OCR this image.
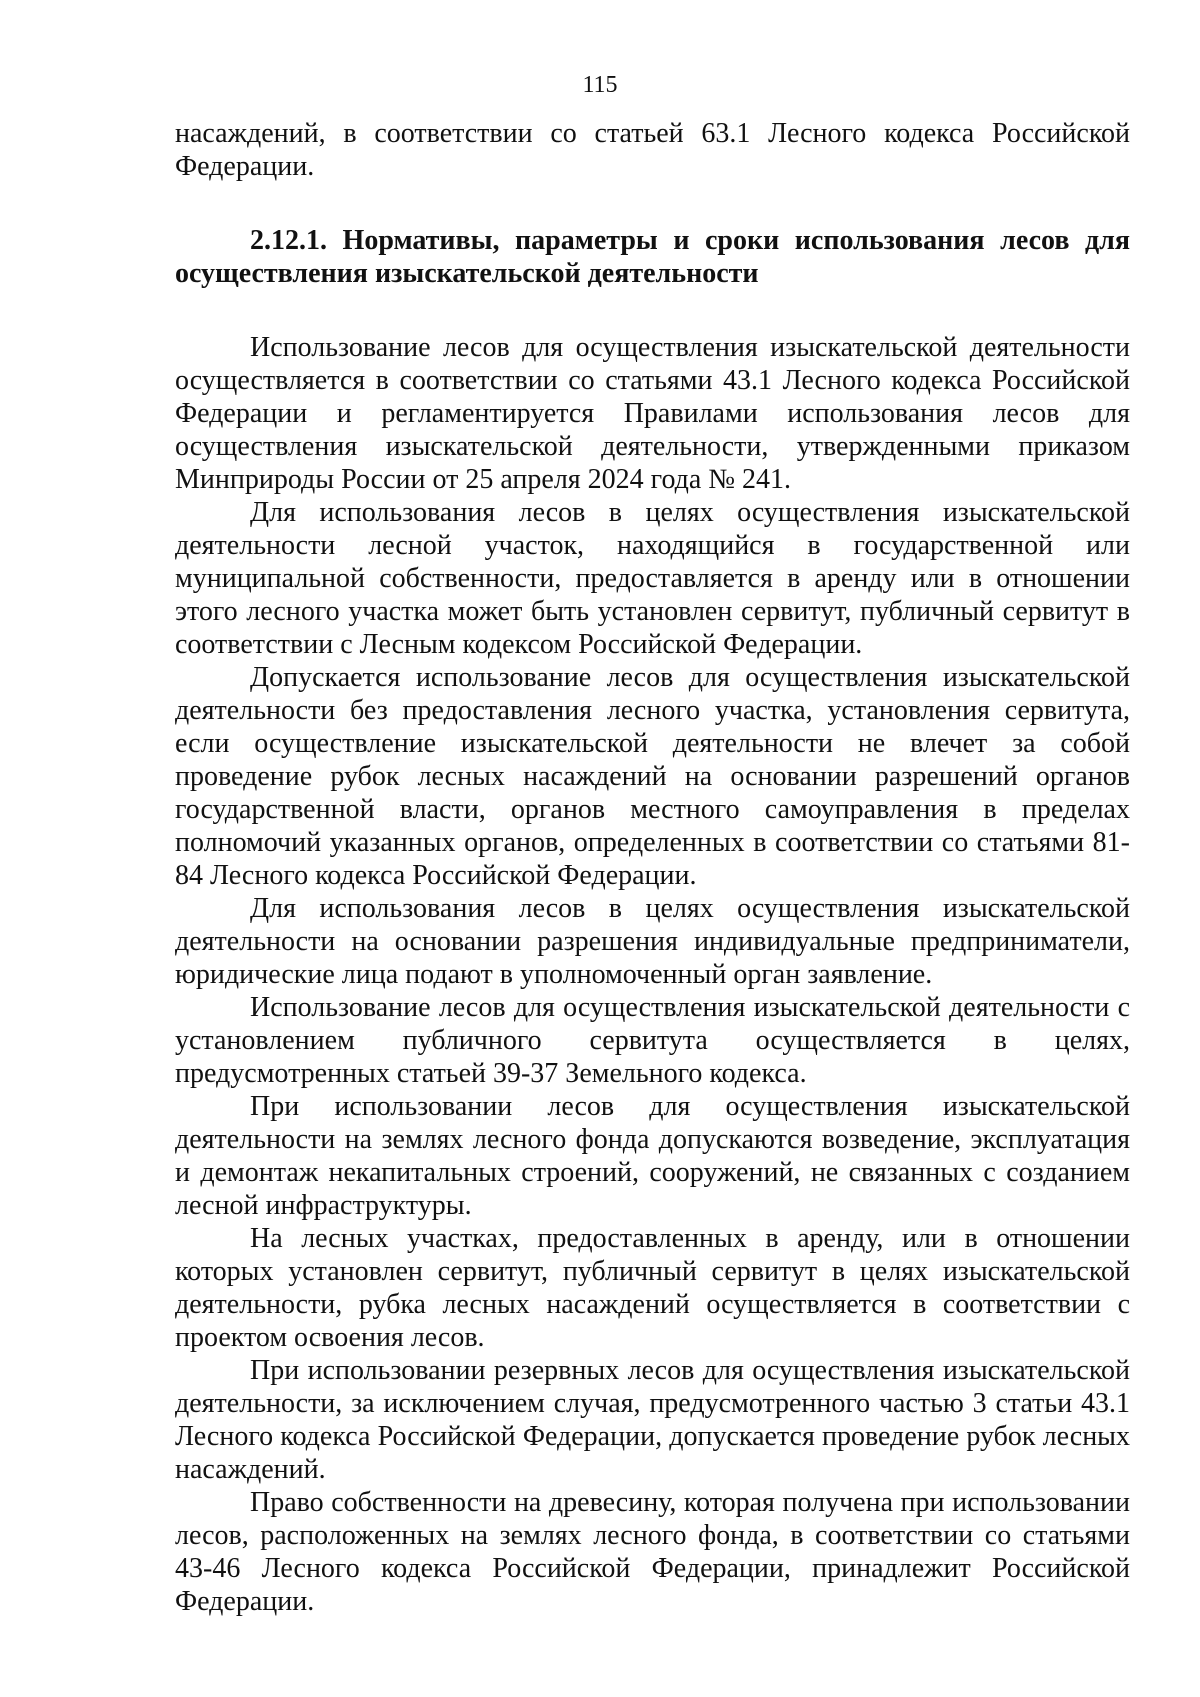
115

насаждений, в соответствии со статьей 63.1 Лесного кодекса Российской Федерации.

2.12.1. Нормативы, параметры и сроки использования лесов для осуществления изыскательской деятельности

Использование лесов для осуществления изыскательской деятельности осуществляется в соответствии со статьями 43.1 Лесного кодекса Российской Федерации и регламентируется Правилами использования лесов для осуществления изыскательской деятельности, утвержденными приказом Минприроды России от 25 апреля 2024 года № 241.

Для использования лесов в целях осуществления изыскательской деятельности лесной участок, находящийся в государственной или муниципальной собственности, предоставляется в аренду или в отношении этого лесного участка может быть установлен сервитут, публичный сервитут в соответствии с Лесным кодексом Российской Федерации.

Допускается использование лесов для осуществления изыскательской деятельности без предоставления лесного участка, установления сервитута, если осуществление изыскательской деятельности не влечет за собой проведение рубок лесных насаждений на основании разрешений органов государственной власти, органов местного самоуправления в пределах полномочий указанных органов, определенных в соответствии со статьями 81-84 Лесного кодекса Российской Федерации.

Для использования лесов в целях осуществления изыскательской деятельности на основании разрешения индивидуальные предприниматели, юридические лица подают в уполномоченный орган заявление.

Использование лесов для осуществления изыскательской деятельности с установлением публичного сервитута осуществляется в целях, предусмотренных статьей 39-37 Земельного кодекса.

При использовании лесов для осуществления изыскательской деятельности на землях лесного фонда допускаются возведение, эксплуатация и демонтаж некапитальных строений, сооружений, не связанных с созданием лесной инфраструктуры.

На лесных участках, предоставленных в аренду, или в отношении которых установлен сервитут, публичный сервитут в целях изыскательской деятельности, рубка лесных насаждений осуществляется в соответствии с проектом освоения лесов.

При использовании резервных лесов для осуществления изыскательской деятельности, за исключением случая, предусмотренного частью 3 статьи 43.1 Лесного кодекса Российской Федерации, допускается проведение рубок лесных насаждений.

Право собственности на древесину, которая получена при использовании лесов, расположенных на землях лесного фонда, в соответствии со статьями 43-46 Лесного кодекса Российской Федерации, принадлежит Российской Федерации.
